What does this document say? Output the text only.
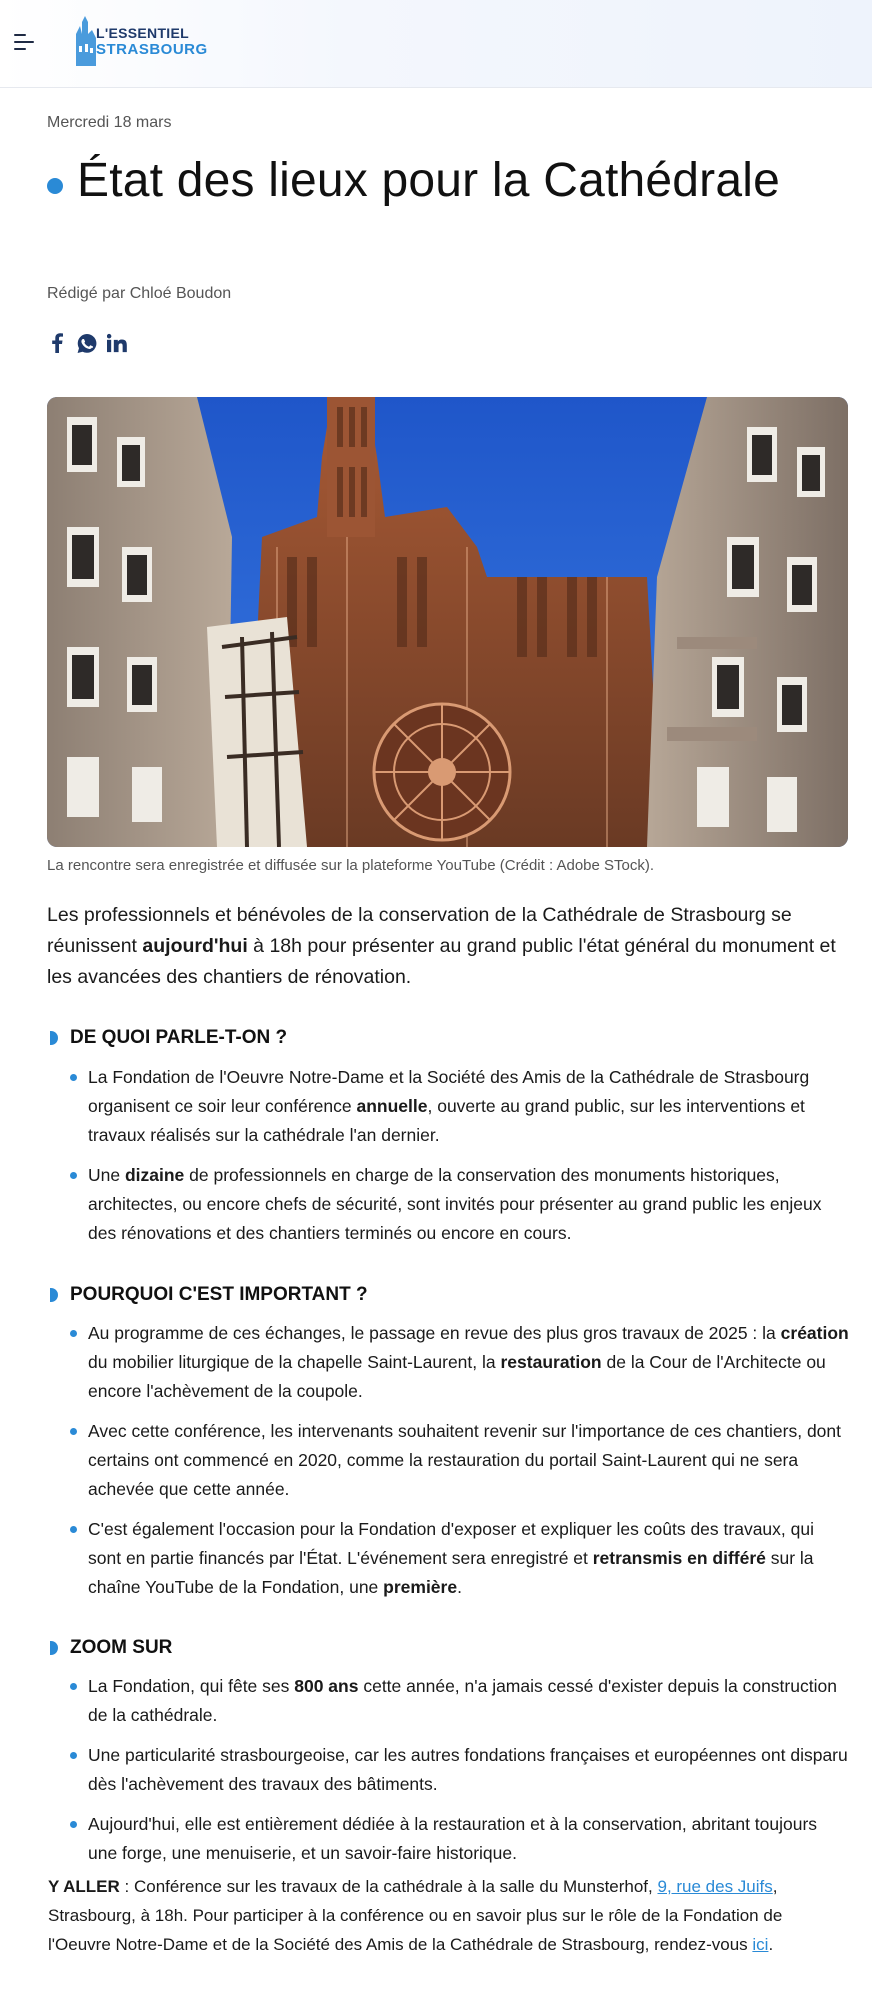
L'ESSENTIEL
STRASBOURG
Mercredi 18 mars
État des lieux pour la Cathédrale
Rédigé par Chloé Boudon
La rencontre sera enregistrée et diffusée sur la plateforme YouTube (Crédit : Adobe STock).

Les professionnels et bénévoles de la conservation de la Cathédrale de Strasbourg se réunissent aujourd'hui à 18h pour présenter au grand public l'état général du monument et les avancées des chantiers de rénovation.

DE QUOI PARLE-T-ON ?
La Fondation de l'Oeuvre Notre-Dame et la Société des Amis de la Cathédrale de Strasbourg organisent ce soir leur conférence annuelle, ouverte au grand public, sur les interventions et travaux réalisés sur la cathédrale l'an dernier.
Une dizaine de professionnels en charge de la conservation des monuments historiques, architectes, ou encore chefs de sécurité, sont invités pour présenter au grand public les enjeux des rénovations et des chantiers terminés ou encore en cours.
POURQUOI C'EST IMPORTANT ?
Au programme de ces échanges, le passage en revue des plus gros travaux de 2025 : la création du mobilier liturgique de la chapelle Saint-Laurent, la restauration de la Cour de l'Architecte ou encore l'achèvement de la coupole.
Avec cette conférence, les intervenants souhaitent revenir sur l'importance de ces chantiers, dont certains ont commencé en 2020, comme la restauration du portail Saint-Laurent qui ne sera achevée que cette année.
C'est également l'occasion pour la Fondation d'exposer et expliquer les coûts des travaux, qui sont en partie financés par l'État. L'événement sera enregistré et retransmis en différé sur la chaîne YouTube de la Fondation, une première.
ZOOM SUR
La Fondation, qui fête ses 800 ans cette année, n'a jamais cessé d'exister depuis la construction de la cathédrale.
Une particularité strasbourgeoise, car les autres fondations françaises et européennes ont disparu dès l'achèvement des travaux des bâtiments.
Aujourd'hui, elle est entièrement dédiée à la restauration et à la conservation, abritant toujours une forge, une menuiserie, et un savoir-faire historique.

Y ALLER : Conférence sur les travaux de la cathédrale à la salle du Munsterhof, 9, rue des Juifs, Strasbourg, à 18h. Pour participer à la conférence ou en savoir plus sur le rôle de la Fondation de l'Oeuvre Notre-Dame et de la Société des Amis de la Cathédrale de Strasbourg, rendez-vous ici.
